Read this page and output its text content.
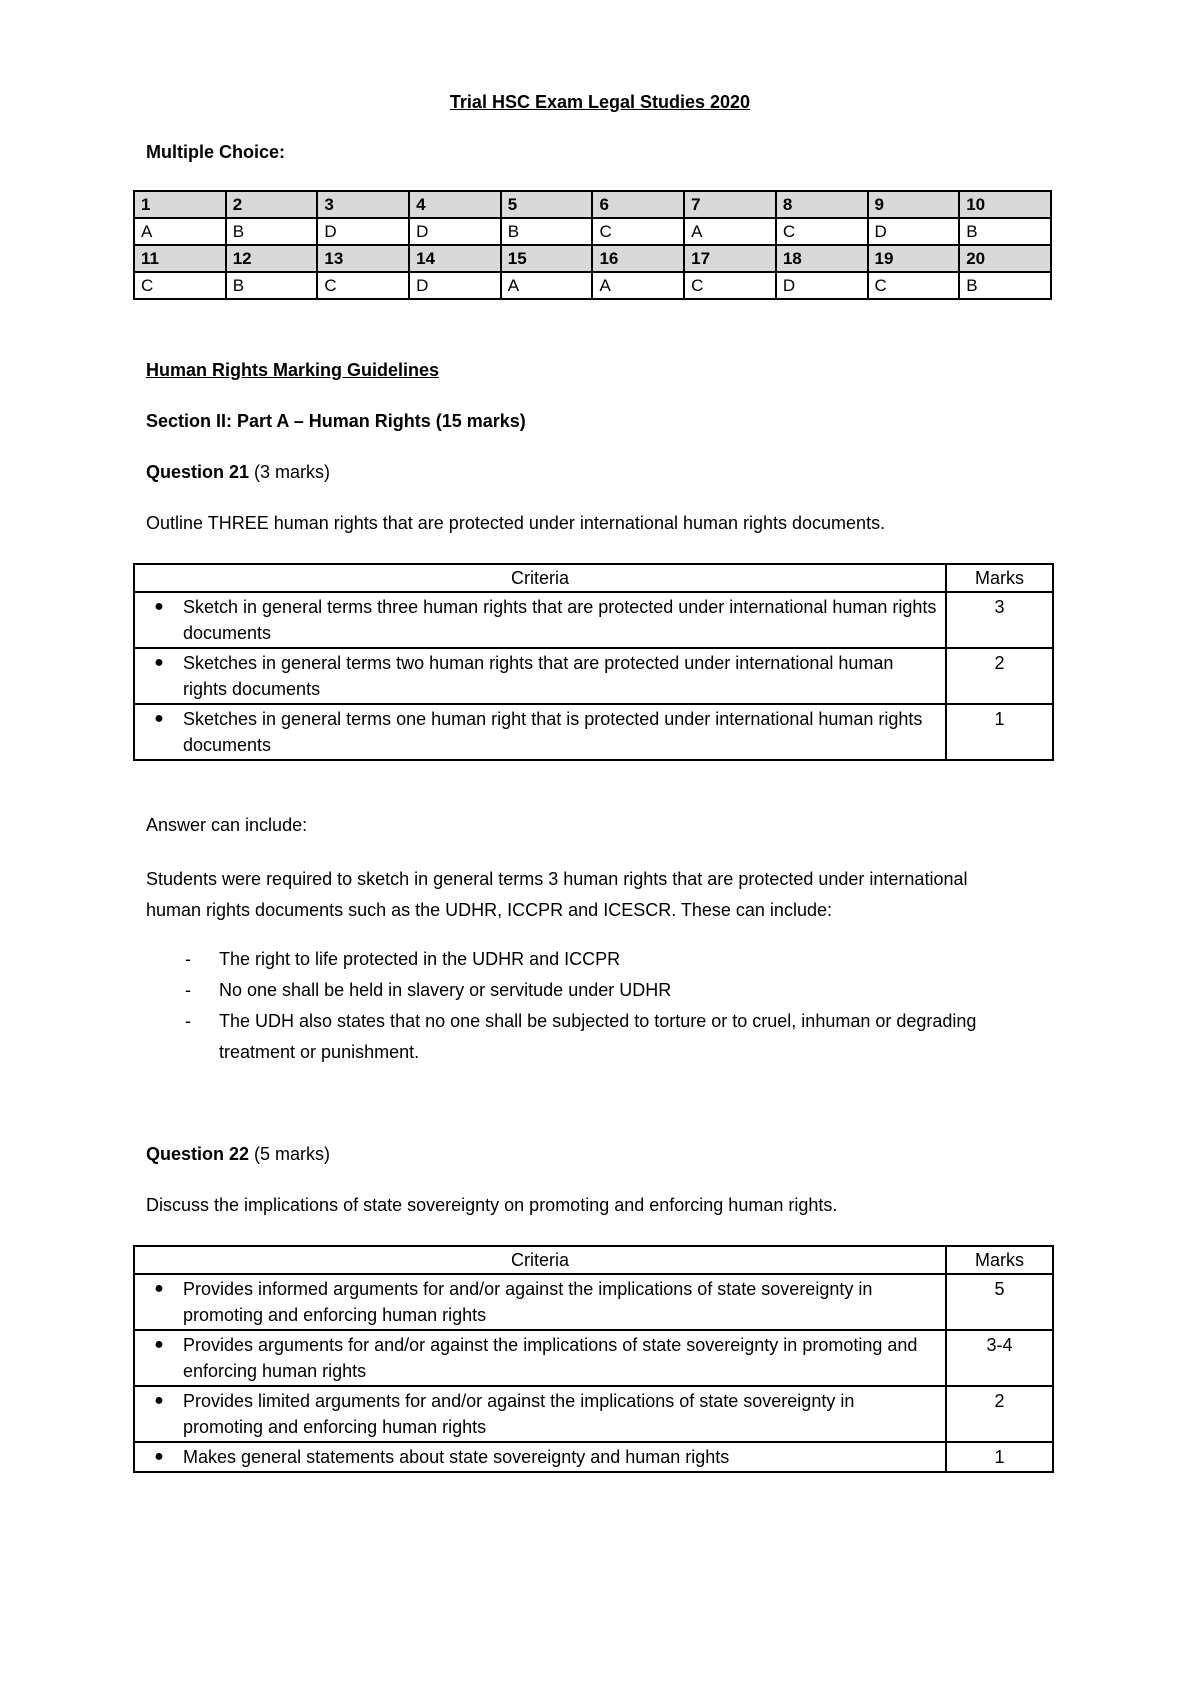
Trial HSC Exam Legal Studies 2020

Multiple Choice:

1	2	3	4	5	6	7	8	9	10
A	B	D	D	B	C	A	C	D	B
11	12	13	14	15	16	17	18	19	20
C	B	C	D	A	A	C	D	C	B

Human Rights Marking Guidelines

Section II: Part A – Human Rights (15 marks)

Question 21 (3 marks)

Outline THREE human rights that are protected under international human rights documents.

Criteria	Marks

● Sketch in general terms three human rights that are protected under international human rights documents	3

● Sketches in general terms two human rights that are protected under international human rights documents	2

● Sketches in general terms one human right that is protected under international human rights documents	1

Answer can include:

Students were required to sketch in general terms 3 human rights that are protected under international human rights documents such as the UDHR, ICCPR and ICESCR. These can include:

- The right to life protected in the UDHR and ICCPR
- No one shall be held in slavery or servitude under UDHR
- The UDH also states that no one shall be subjected to torture or to cruel, inhuman or degrading treatment or punishment.

Question 22 (5 marks)

Discuss the implications of state sovereignty on promoting and enforcing human rights.

Criteria	Marks

● Provides informed arguments for and/or against the implications of state sovereignty in promoting and enforcing human rights	5

● Provides arguments for and/or against the implications of state sovereignty in promoting and enforcing human rights	3-4

● Provides limited arguments for and/or against the implications of state sovereignty in promoting and enforcing human rights	2

● Makes general statements about state sovereignty and human rights	1
